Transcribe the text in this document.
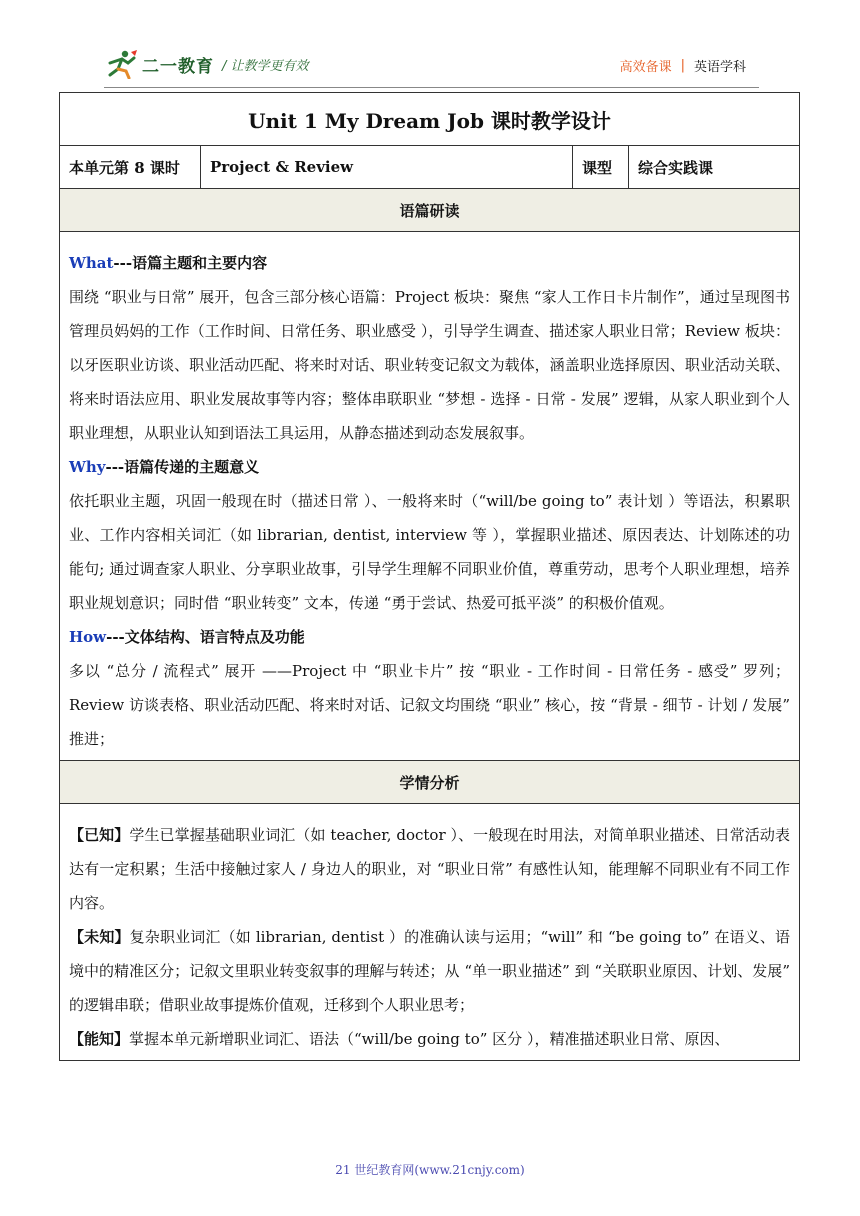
二一教育 / 让教学更有效	高效备课 | 英语学科
Unit 1 My Dream Job 课时教学设计
本单元第 8 课时	Project & Review	课型	综合实践课
语篇研读

What---语篇主题和主要内容

围绕 “职业与日常” 展开，包含三部分核心语篇：Project 板块：聚焦 “家人工作日卡片制作”，通过呈现图书管理员妈妈的工作（工作时间、日常任务、职业感受 ），引导学生调查、描述家人职业日常；Review 板块：以牙医职业访谈、职业活动匹配、将来时对话、职业转变记叙文为载体，涵盖职业选择原因、职业活动关联、将来时语法应用、职业发展故事等内容；整体串联职业 “梦想 - 选择 - 日常 - 发展” 逻辑，从家人职业到个人职业理想，从职业认知到语法工具运用，从静态描述到动态发展叙事。

Why---语篇传递的主题意义

依托职业主题，巩固一般现在时（描述日常 ）、一般将来时（“will/be going to” 表计划 ）等语法，积累职业、工作内容相关词汇（如 librarian, dentist, interview 等 ），掌握职业描述、原因表达、计划陈述的功能句; 通过调查家人职业、分享职业故事，引导学生理解不同职业价值，尊重劳动，思考个人职业理想，培养职业规划意识；同时借 “职业转变” 文本，传递 “勇于尝试、热爱可抵平淡” 的积极价值观。

How---文体结构、语言特点及功能

多以 “总分 / 流程式” 展开 ——Project 中 “职业卡片” 按 “职业 - 工作时间 - 日常任务 - 感受” 罗列；Review 访谈表格、职业活动匹配、将来时对话、记叙文均围绕 “职业” 核心，按 “背景 - 细节 - 计划 / 发展” 推进；

学情分析

【已知】学生已掌握基础职业词汇（如 teacher, doctor ）、一般现在时用法，对简单职业描述、日常活动表达有一定积累；生活中接触过家人 / 身边人的职业，对 “职业日常” 有感性认知，能理解不同职业有不同工作内容。

【未知】复杂职业词汇（如 librarian, dentist ）的准确认读与运用；“will” 和 “be going to” 在语义、语境中的精准区分；记叙文里职业转变叙事的理解与转述；从 “单一职业描述” 到 “关联职业原因、计划、发展” 的逻辑串联；借职业故事提炼价值观，迁移到个人职业思考；

【能知】掌握本单元新增职业词汇、语法（“will/be going to” 区分 ），精准描述职业日常、原因、

21 世纪教育网(www.21cnjy.com)
